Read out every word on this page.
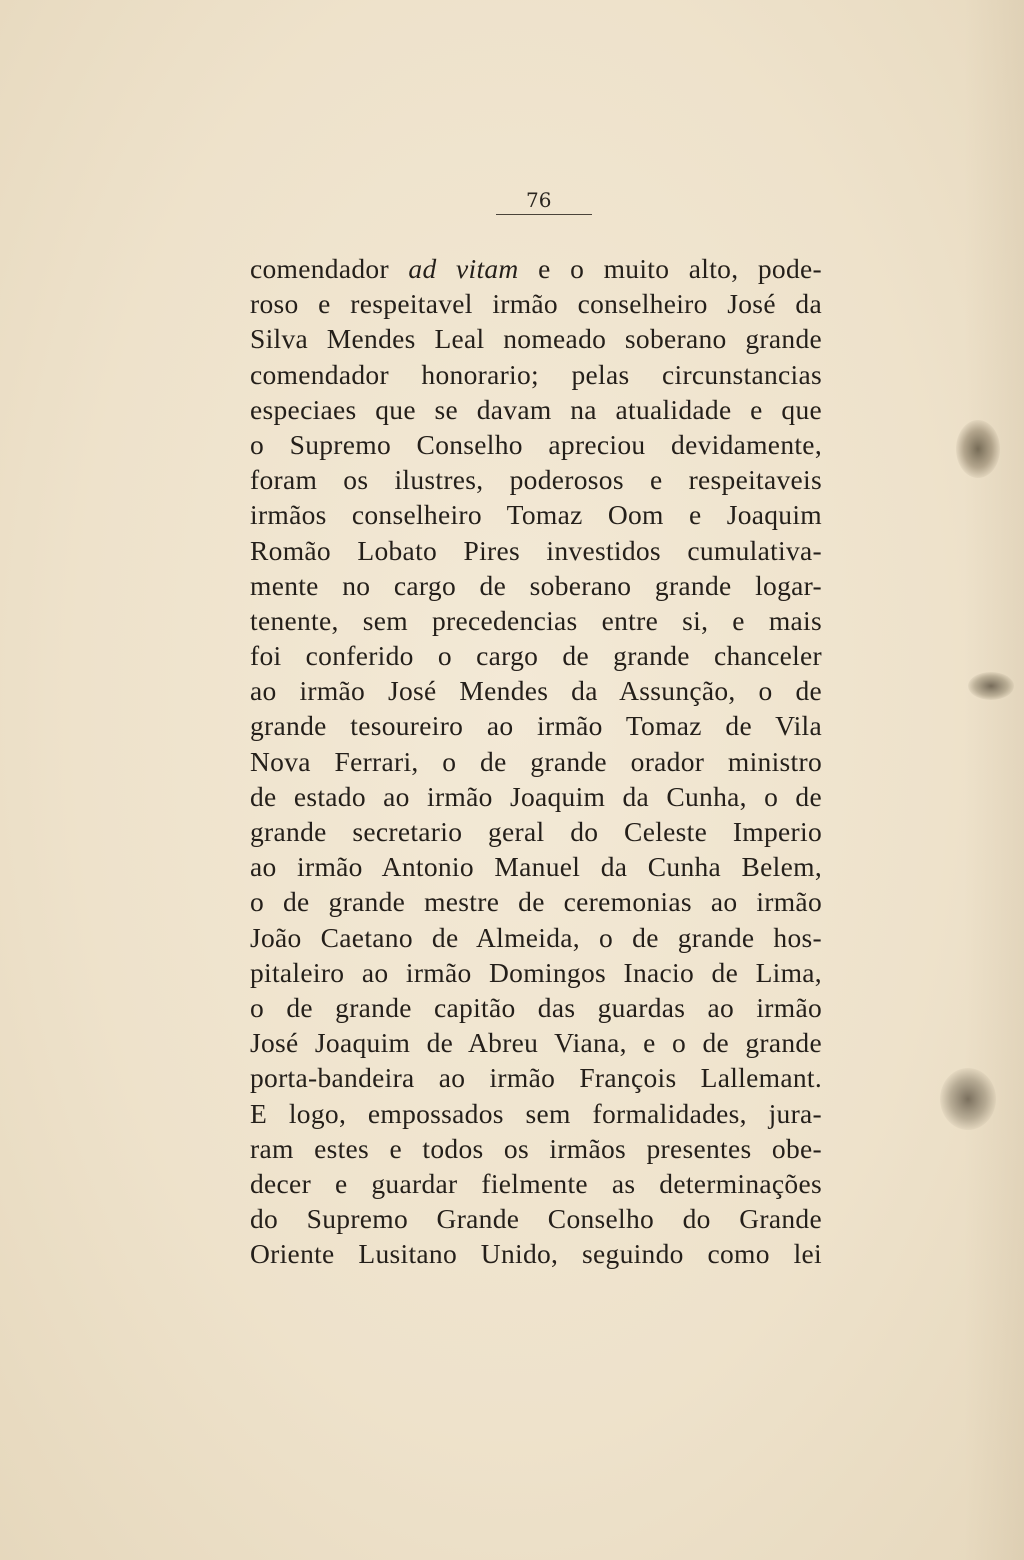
76
comendador ad vitam e o muito alto, pode-
roso e respeitavel irmão conselheiro José da
Silva Mendes Leal nomeado soberano grande
comendador honorario; pelas circunstancias
especiaes que se davam na atualidade e que
o Supremo Conselho apreciou devidamente,
foram os ilustres, poderosos e respeitaveis
irmãos conselheiro Tomaz Oom e Joaquim
Romão Lobato Pires investidos cumulativa-
mente no cargo de soberano grande logar-
tenente, sem precedencias entre si, e mais
foi conferido o cargo de grande chanceler
ao irmão José Mendes da Assunção, o de
grande tesoureiro ao irmão Tomaz de Vila
Nova Ferrari, o de grande orador ministro
de estado ao irmão Joaquim da Cunha, o de
grande secretario geral do Celeste Imperio
ao irmão Antonio Manuel da Cunha Belem,
o de grande mestre de ceremonias ao irmão
João Caetano de Almeida, o de grande hos-
pitaleiro ao irmão Domingos Inacio de Lima,
o de grande capitão das guardas ao irmão
José Joaquim de Abreu Viana, e o de grande
porta-bandeira ao irmão François Lallemant.
E logo, empossados sem formalidades, jura-
ram estes e todos os irmãos presentes obe-
decer e guardar fielmente as determinações
do Supremo Grande Conselho do Grande
Oriente Lusitano Unido, seguindo como lei
